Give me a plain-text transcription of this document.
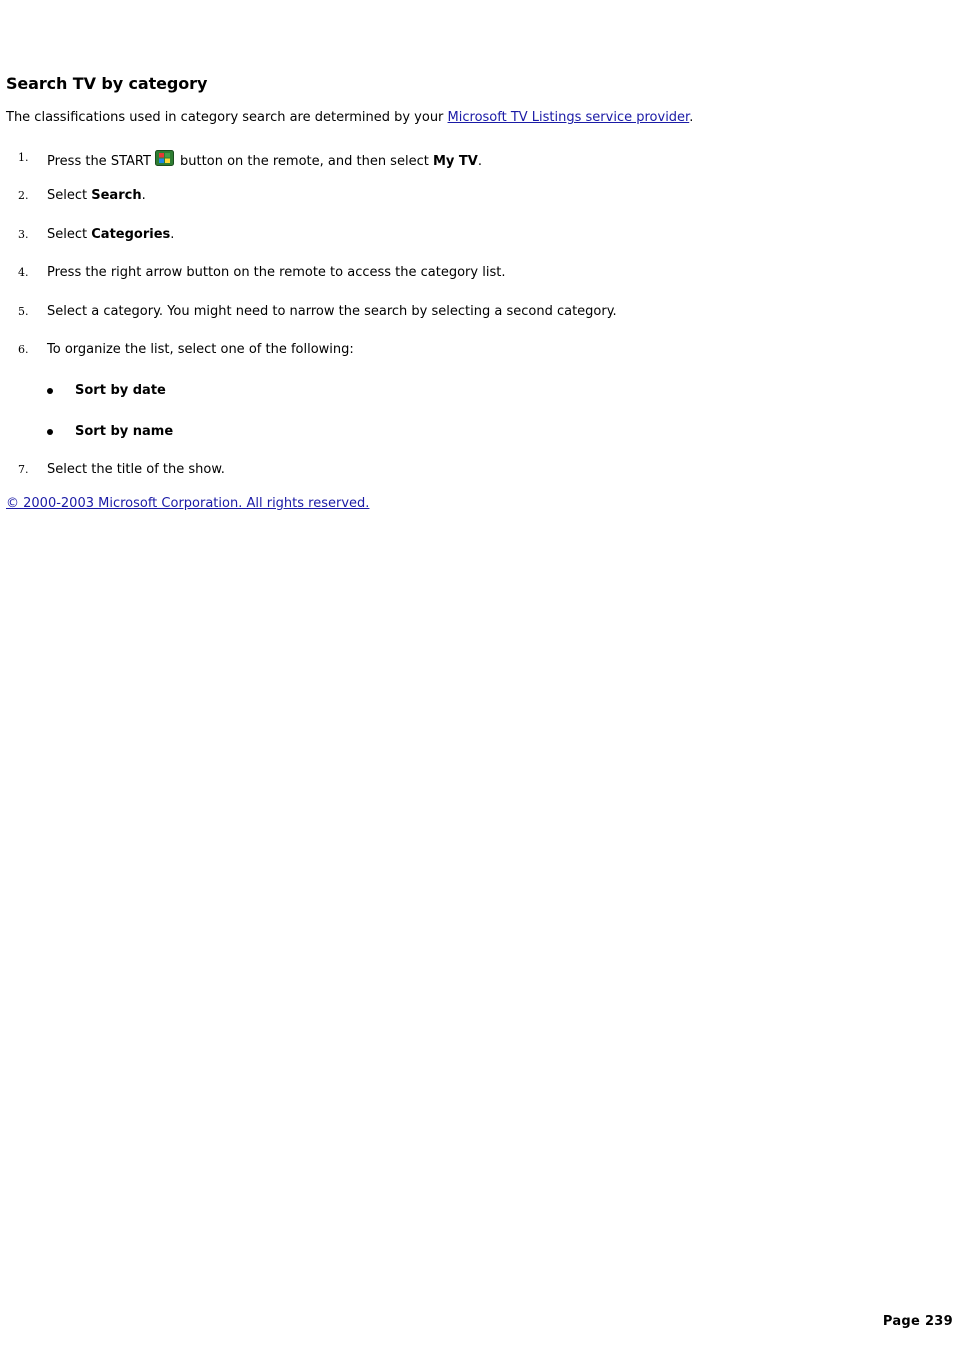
Search TV by category

The classifications used in category search are determined by your Microsoft TV Listings service provider.

1. Press the START button on the remote, and then select My TV.
2. Select Search.
3. Select Categories.
4. Press the right arrow button on the remote to access the category list.
5. Select a category. You might need to narrow the search by selecting a second category.
6. To organize the list, select one of the following:
Sort by date
Sort by name
7. Select the title of the show.
© 2000-2003 Microsoft Corporation. All rights reserved.
Page 239
